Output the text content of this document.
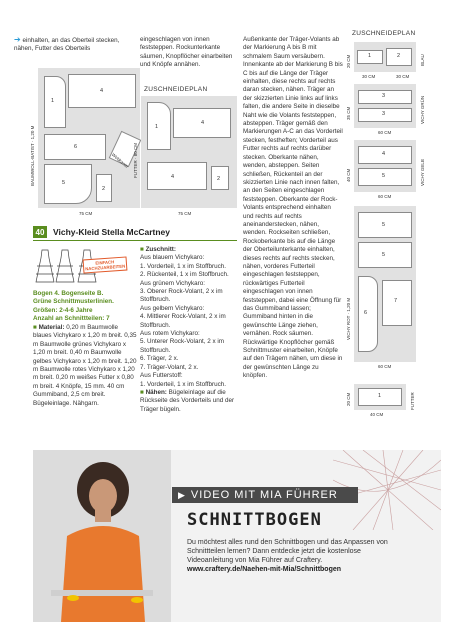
➔ einhalten, an das Oberteil stecken, nähen, Futter des Oberteils
1
4
6
5
2
Webkante
BAUMWOLL-BATIST · 1,20 M
75 CM
40 Vichy-Kleid Stella McCartney
EINFACH NACHZUARBEITEN
Bogen 4. Bogenseite B.
Grüne Schnittmusterlinien.
Größen: 2-4-6 Jahre
Anzahl an Schnittteilen: 7
■ Material: 0,20 m Baumwolle blaues Vichykaro x 1,20 m breit. 0,35 m Baumwolle grünes Vichykaro x 1,20 m breit. 0,40 m Baumwolle gelbes Vichykaro x 1,20 m breit. 1,20 m Baumwolle rotes Vichykaro x 1,20 m breit. 0,20 m weißes Futter x 0,80 m breit. 4 Knöpfe, 15 mm. 40 cm Gummiband, 2,5 cm breit. Bügeleinlage. Nähgarn.
eingeschlagen von innen feststeppen. Rockunterkante säumen, Knopflöcher einarbeiten und Knöpfe annähen.
ZUSCHNEIDEPLAN
1
4
4	2
FUTTER · 80 CM
75 CM
■ Zuschnitt:
Aus blauem Vichykaro:
1. Vorderteil, 1 x im Stoffbruch.
2. Rückenteil, 1 x im Stoffbruch.
Aus grünem Vichykaro:
3. Oberer Rock-Volant, 2 x im Stoffbruch.
Aus gelbem Vichykaro:
4. Mittlerer Rock-Volant, 2 x im Stoffbruch.
Aus rotem Vichykaro:
5. Unterer Rock-Volant, 2 x im Stoffbruch.
6. Träger, 2 x.
7. Träger-Volant, 2 x.
Aus Futterstoff:
1. Vorderteil, 1 x im Stoffbruch.
■ Nähen: Bügeleinlage auf die Rückseite des Vorderteils und der Träger bügeln.
Außenkante der Träger-Volants ab der Markierung A bis B mit schmalem Saum versäubern. Innenkante ab der Markierung B bis C bis auf die Länge der Träger einhalten, diese rechts auf rechts daran stecken, nähen. Träger an der skizzierten Linie links auf links falten, die andere Seite in dieselbe Naht wie die Volants feststeppen, absteppen. Träger gemäß den Markierungen A-C an das Vorderteil stecken, festheften; Vorderteil aus Futter rechts auf rechts darüber stecken. Oberkante nähen, wenden, absteppen. Seiten schließen, Rückenteil an der skizzierten Linie nach innen falten, an den Seiten eingeschlagen feststeppen. Oberkante der Rock-Volants entsprechend einhalten und rechts auf rechts aneinanderstecken, nähen, wenden. Rockseiten schließen, Rockoberkante bis auf die Länge der Oberteilunterkante einhalten, dieses rechts auf rechts stecken, nähen, vorderes Futterteil eingeschlagen feststeppen, rückwärtiges Futterteil eingeschlagen von innen feststeppen, dabei eine Öffnung für das Gummiband lassen; Gummiband hinten in die gewünschte Länge ziehen, vernähen. Rock säumen. Rückwärtige Knopflöcher gemäß Schnittmuster einarbeiten, Knöpfe auf den Trägern nähen, um diese in der gewünschten Länge zu knöpfen.
ZUSCHNEIDEPLAN
1	2
20 CM	BLAU
30 CM	30 CM
3
3
35 CM	VICHY GRÜN
60 CM
4
5
40 CM	VICHY GELB
60 CM
5
5
6
7
VICHY ROT · 1,20 M
60 CM
1
20 CM	FUTTER
40 CM
▶ VIDEO MIT MIA FÜHRER
SCHNITTBOGEN
Du möchtest alles rund den Schnittbogen und das Anpassen von Schnittteilen lernen? Dann entdecke jetzt die kostenlose Videoanleitung von Mia Führer auf Craftery.
www.craftery.de/Naehen-mit-Mia/Schnittbogen
